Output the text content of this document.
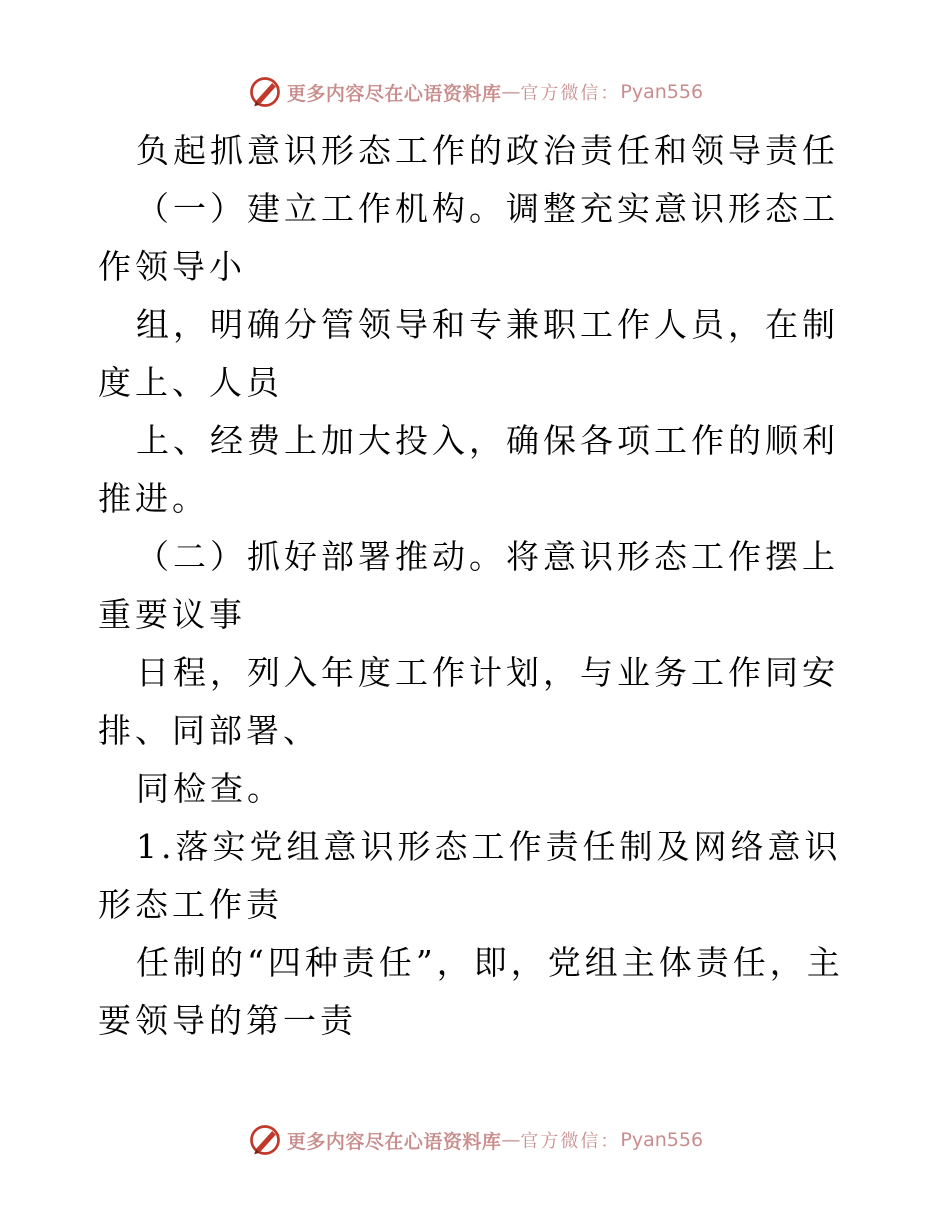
更多内容尽在心语资料库 — 官方微信： Pyan556

负起抓意识形态工作的政治责任和领导责任

（一）建立工作机构。调整充实意识形态工作领导小

组，明确分管领导和专兼职工作人员，在制度上、人员

上、经费上加大投入，确保各项工作的顺利推进。

（二）抓好部署推动。将意识形态工作摆上重要议事

日程，列入年度工作计划，与业务工作同安排、同部署、

同检查。

1.落实党组意识形态工作责任制及网络意识形态工作责

任制的“四种责任”，即，党组主体责任，主要领导的第一责

更多内容尽在心语资料库 — 官方微信： Pyan556
